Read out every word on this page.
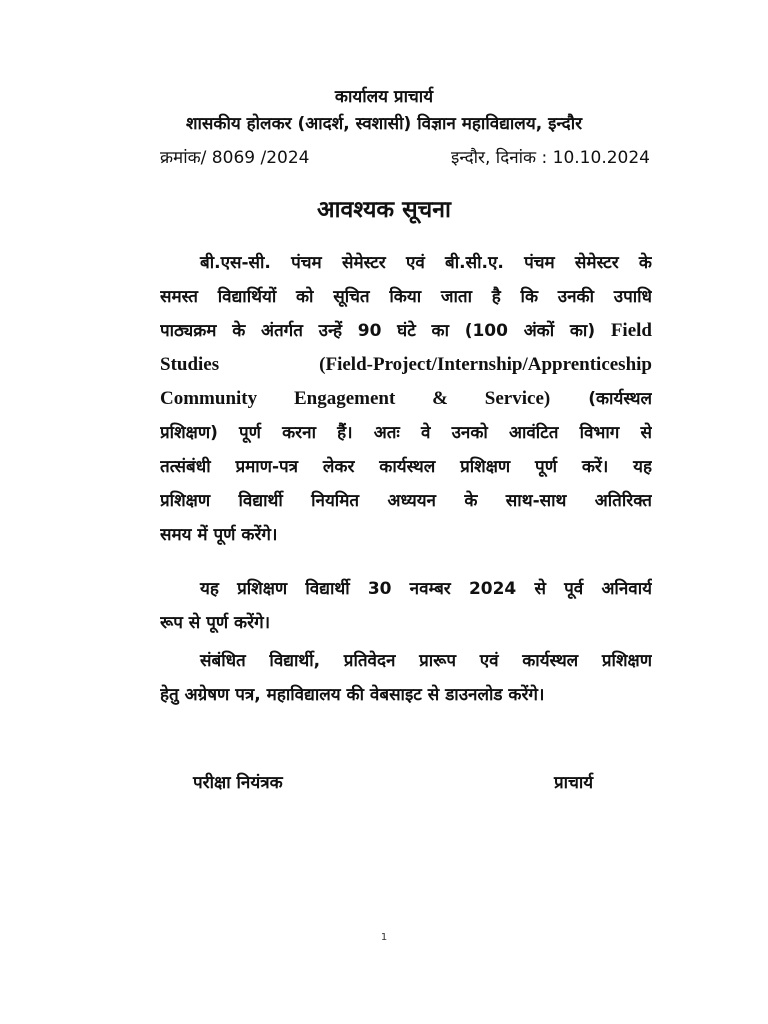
कार्यालय प्राचार्य
शासकीय होलकर (आदर्श, स्वशासी) विज्ञान महाविद्यालय, इन्दौर
क्रमांक/ 8069 /2024	इन्दौर, दिनांक : 10.10.2024
आवश्यक सूचना
बी.एस-सी. पंचम सेमेस्टर एवं बी.सी.ए. पंचम सेमेस्टर के
समस्त विद्यार्थियों को सूचित किया जाता है कि उनकी उपाधि
पाठ्यक्रम के अंतर्गत उन्हें 90 घंटे का (100 अंकों का) Field
Studies (Field-Project/Internship/Apprenticeship
Community Engagement & Service) (कार्यस्थल
प्रशिक्षण) पूर्ण करना हैं। अतः वे उनको आवंटित विभाग से
तत्संबंधी प्रमाण-पत्र लेकर कार्यस्थल प्रशिक्षण पूर्ण करें। यह
प्रशिक्षण विद्यार्थी नियमित अध्ययन के साथ-साथ अतिरिक्त
समय में पूर्ण करेंगे।
यह प्रशिक्षण विद्यार्थी 30 नवम्बर 2024 से पूर्व अनिवार्य
रूप से पूर्ण करेंगे।
संबंधित विद्यार्थी, प्रतिवेदन प्रारूप एवं कार्यस्थल प्रशिक्षण
हेतु अग्रेषण पत्र, महाविद्यालय की वेबसाइट से डाउनलोड करेंगे।
परीक्षा नियंत्रक	प्राचार्य
1
